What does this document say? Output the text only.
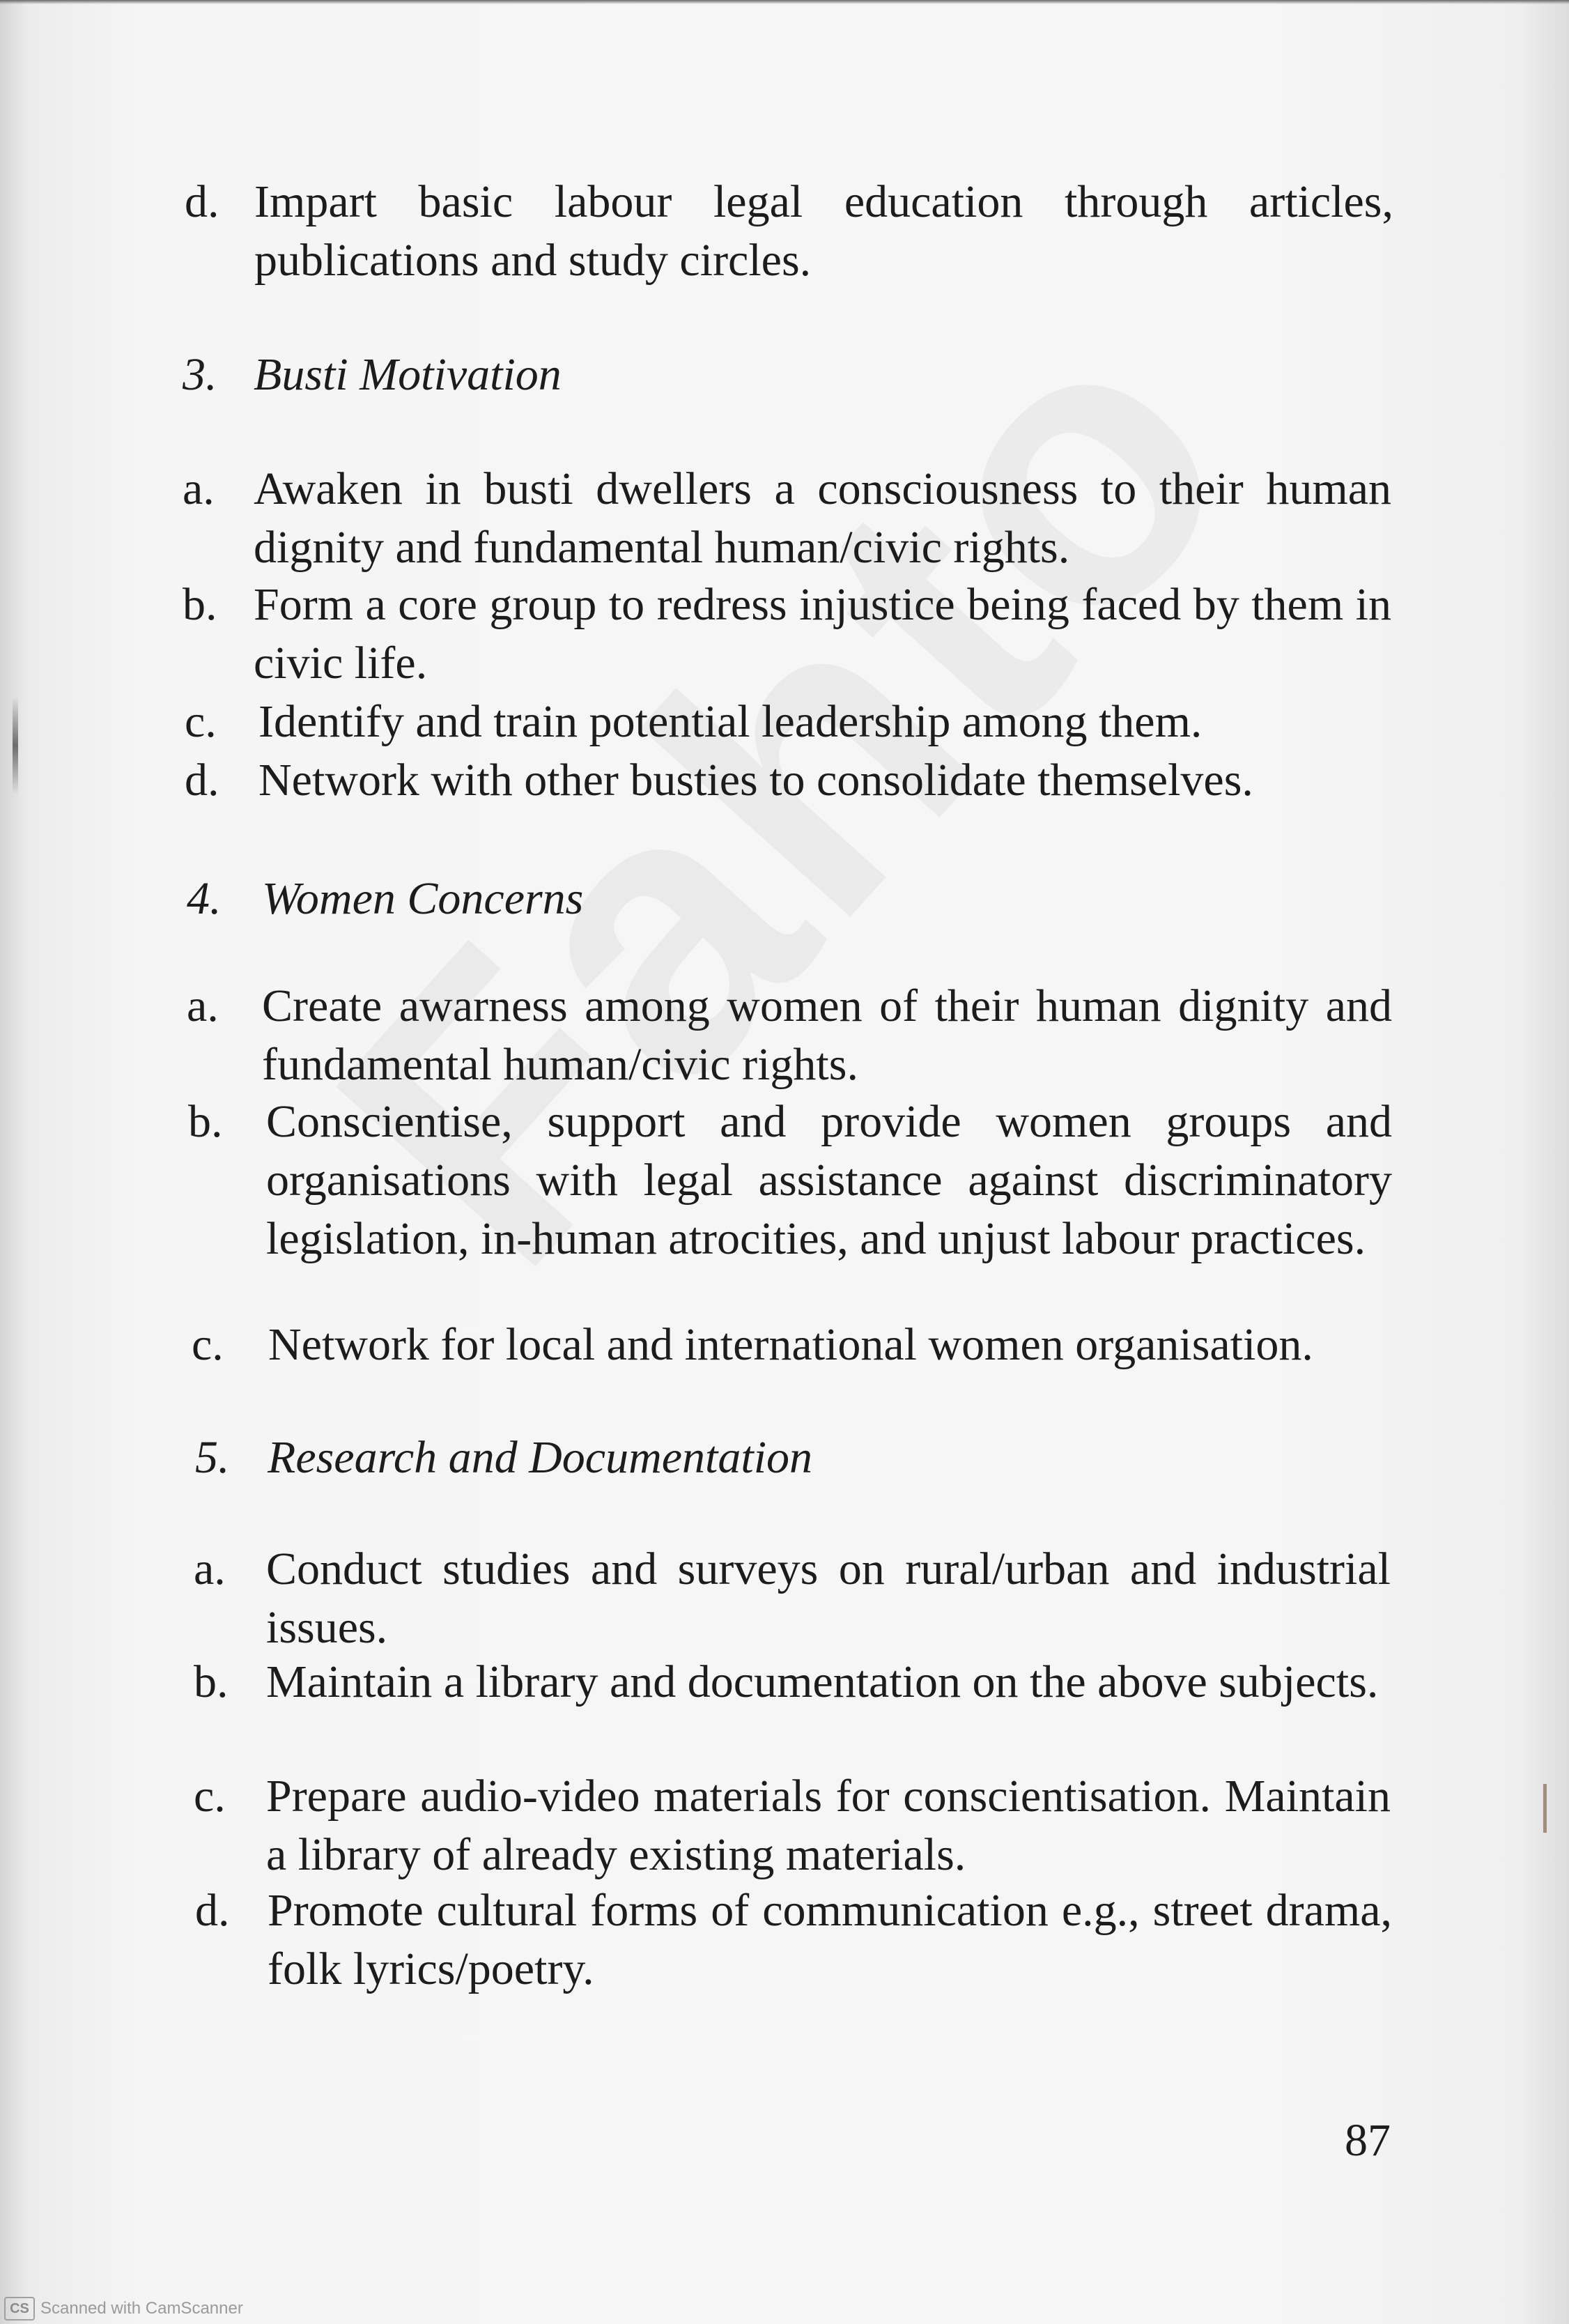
d. Impart basic labour legal education through articles, publications and study circles.
3. Busti Motivation
a. Awaken in busti dwellers a consciousness to their human dignity and fundamental human/civic rights.
b. Form a core group to redress injustice being faced by them in civic life.
c. Identify and train potential leadership among them.
d. Network with other busties to consolidate themselves.
4. Women Concerns
a. Create awarness among women of their human dignity and fundamental human/civic rights.
b. Conscientise, support and provide women groups and organisations with legal assistance against discriminatory legislation, in-human atrocities, and unjust labour practices.
c. Network for local and international women organisation.
5. Research and Documentation
a. Conduct studies and surveys on rural/urban and industrial issues.
b. Maintain a library and documentation on the above subjects.
c. Prepare audio-video materials for conscientisation. Maintain a library of already existing materials.
d. Promote cultural forms of communication e.g., street drama, folk lyrics/poetry.
87
CS Scanned with CamScanner
